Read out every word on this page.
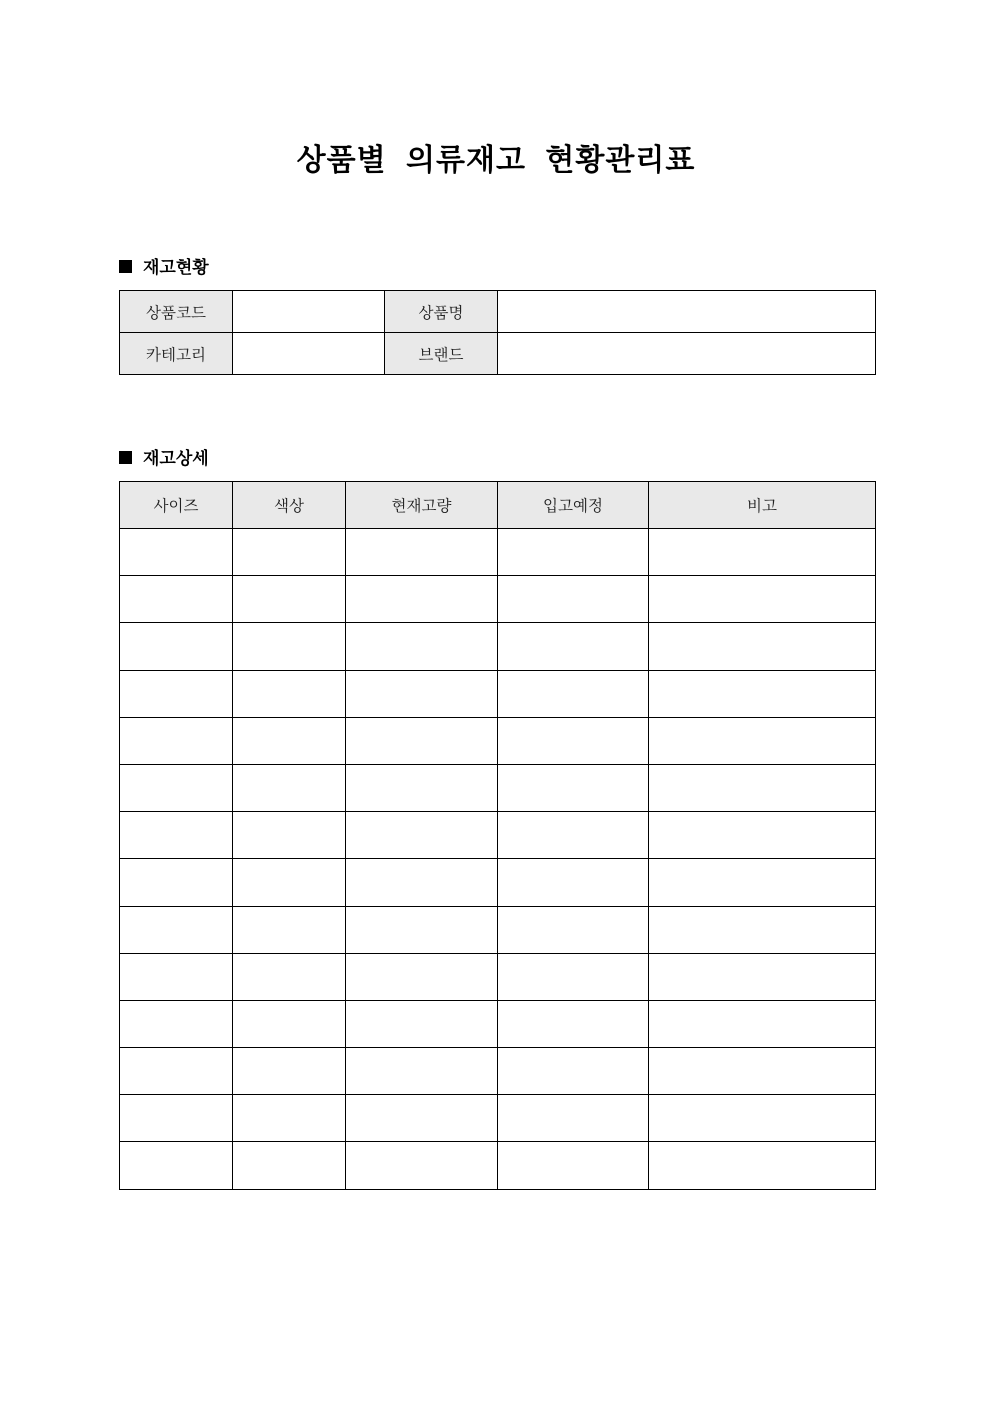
상품별 의류재고 현황관리표
재고현황
상품코드		상품명	
카테고리		브랜드	
재고상세
사이즈	색상	현재고량	입고예정	비고
